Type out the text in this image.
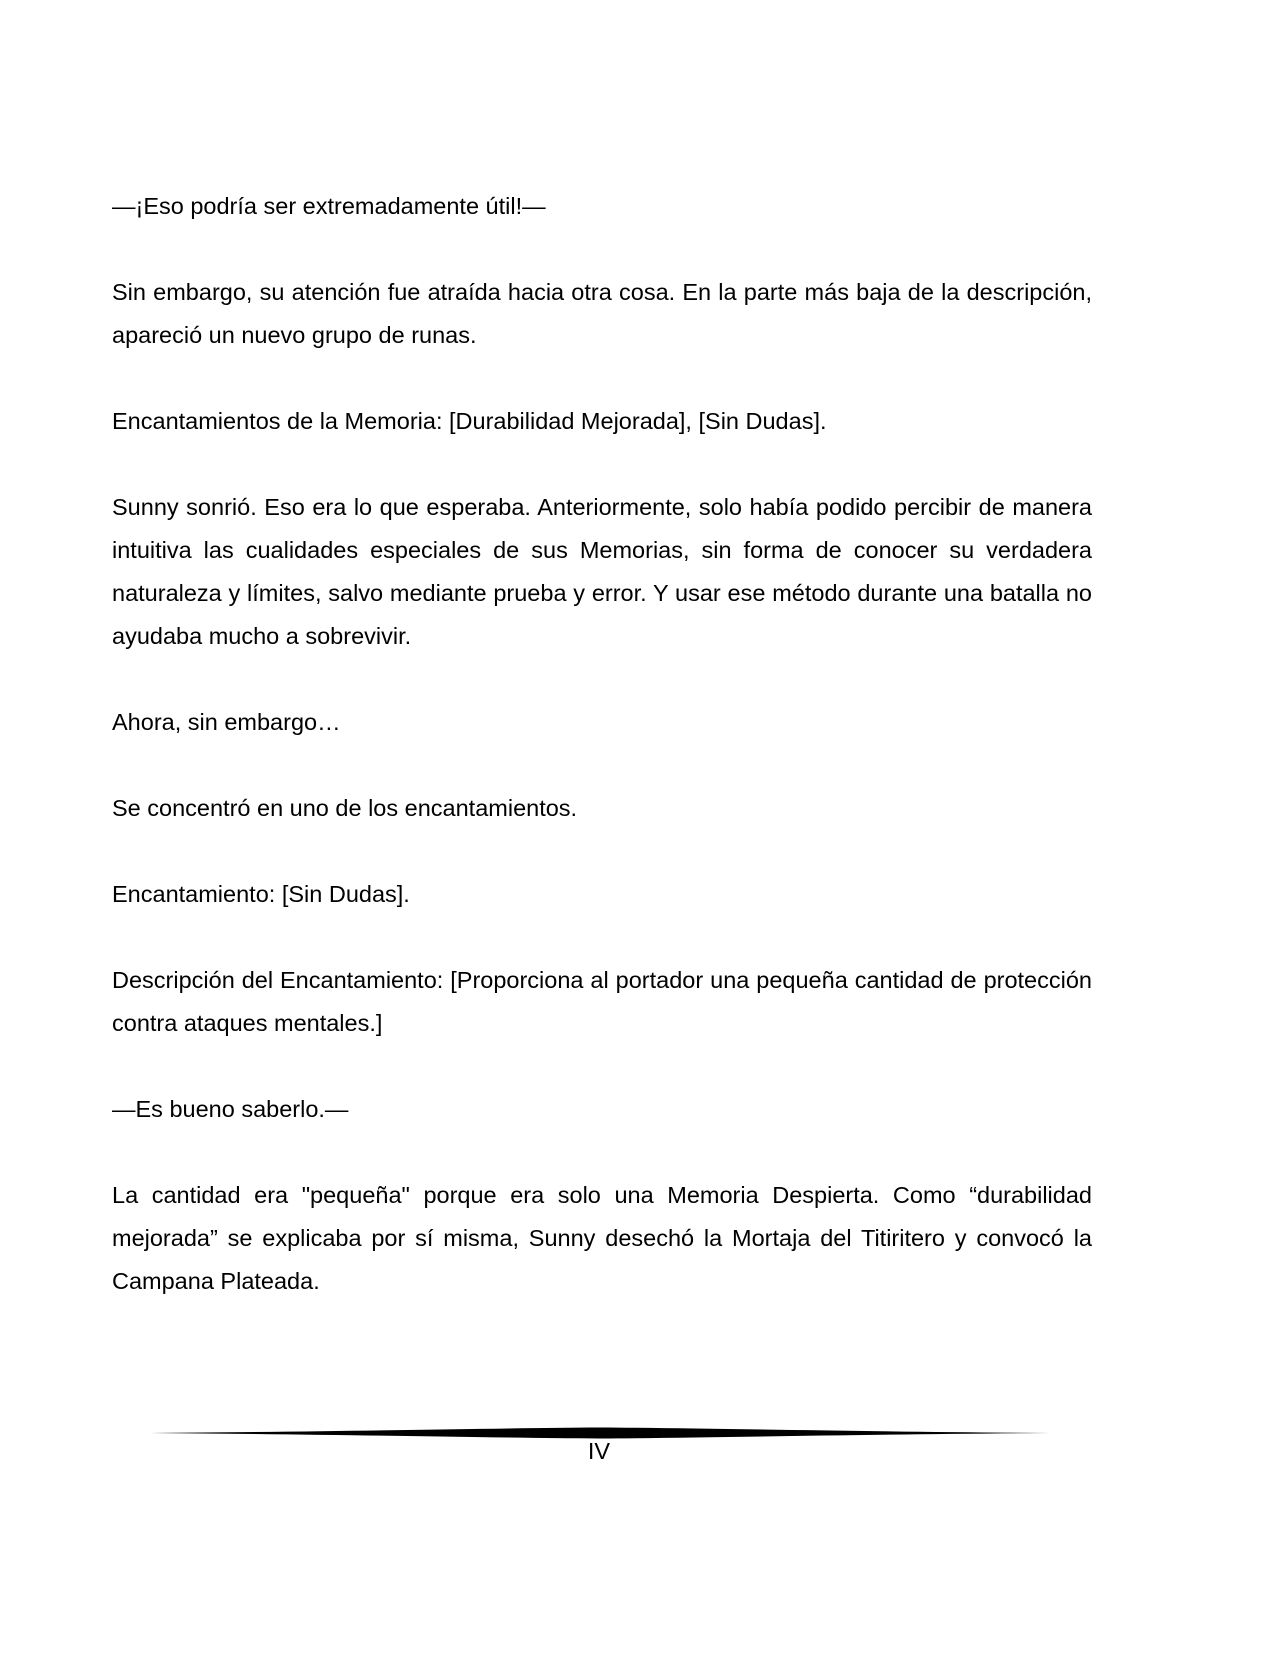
—¡Eso podría ser extremadamente útil!—

Sin embargo, su atención fue atraída hacia otra cosa. En la parte más baja de la descripción, apareció un nuevo grupo de runas.

Encantamientos de la Memoria: [Durabilidad Mejorada], [Sin Dudas].

Sunny sonrió. Eso era lo que esperaba. Anteriormente, solo había podido percibir de manera intuitiva las cualidades especiales de sus Memorias, sin forma de conocer su verdadera naturaleza y límites, salvo mediante prueba y error. Y usar ese método durante una batalla no ayudaba mucho a sobrevivir.

Ahora, sin embargo…

Se concentró en uno de los encantamientos.

Encantamiento: [Sin Dudas].

Descripción del Encantamiento: [Proporciona al portador una pequeña cantidad de protección contra ataques mentales.]

—Es bueno saberlo.—

La cantidad era "pequeña" porque era solo una Memoria Despierta. Como “durabilidad mejorada” se explicaba por sí misma, Sunny desechó la Mortaja del Titiritero y convocó la Campana Plateada.

IV
